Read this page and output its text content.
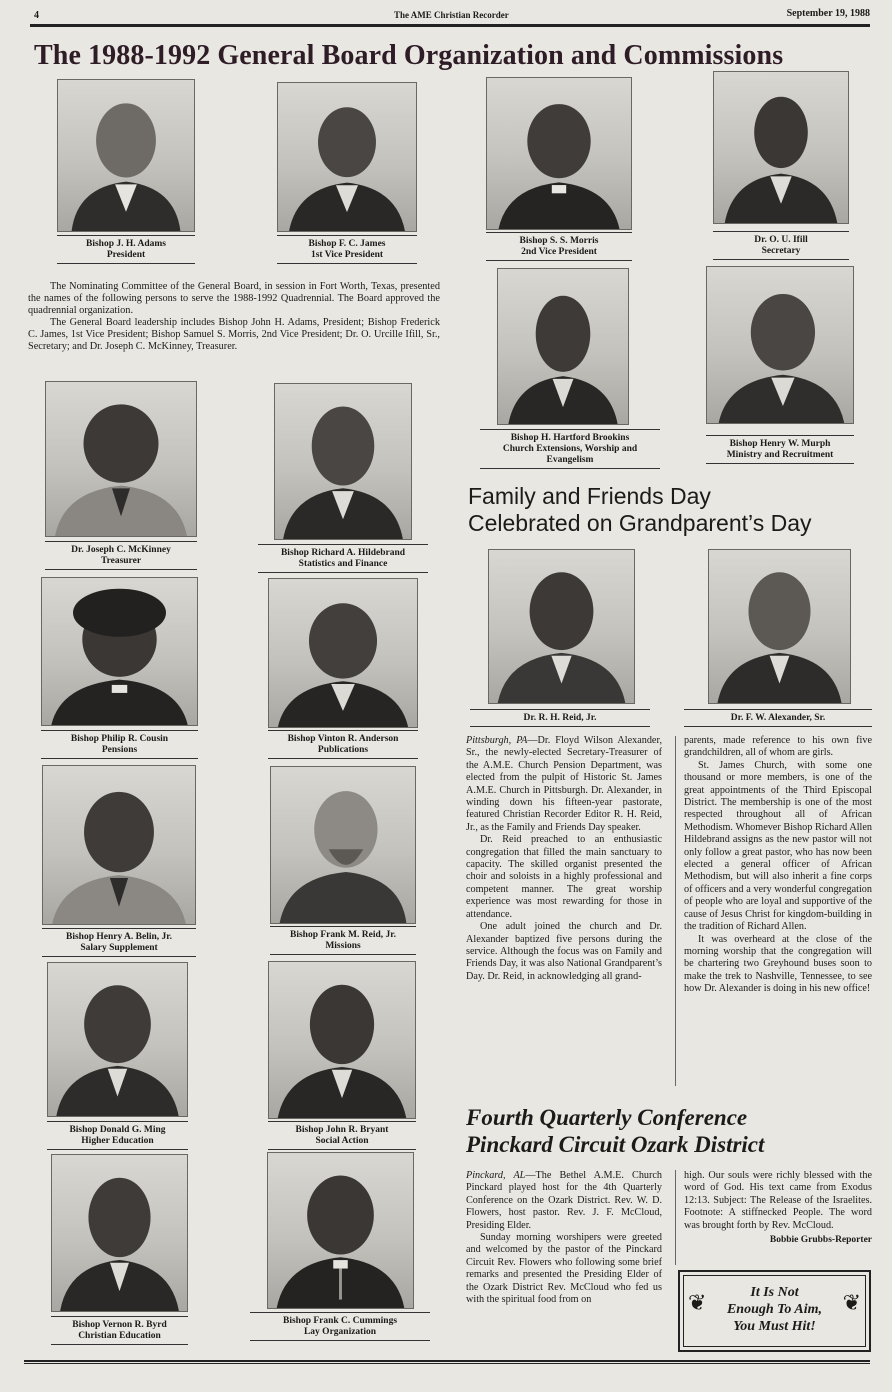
4	The AME Christian Recorder	September 19, 1988
The 1988-1992 General Board Organization and Commissions
Bishop J. H. Adams
President
Bishop F. C. James
1st Vice President
Bishop S. S. Morris
2nd Vice President
Dr. O. U. Ifill
Secretary
Bishop H. Hartford Brookins
Church Extensions, Worship and Evangelism
Bishop Henry W. Murph
Ministry and Recruitment

The Nominating Committee of the General Board, in session in Fort Worth, Texas, presented the names of the following persons to serve the 1988-1992 Quadrennial. The Board approved the quadrennial organization.

The General Board leadership includes Bishop John H. Adams, President; Bishop Frederick C. James, 1st Vice President; Bishop Samuel S. Morris, 2nd Vice President; Dr. O. Urcille Ifill, Sr., Secretary; and Dr. Joseph C. McKinney, Treasurer.

Dr. Joseph C. McKinney
Treasurer
Bishop Richard A. Hildebrand
Statistics and Finance
Family and Friends Day
Celebrated on Grandparent’s Day
Bishop Philip R. Cousin
Pensions
Bishop Vinton R. Anderson
Publications
Dr. R. H. Reid, Jr.	Dr. F. W. Alexander, Sr.

Pittsburgh, PA—Dr. Floyd Wilson Alexander, Sr., the newly-elected Secretary-Treasurer of the A.M.E. Church Pension Department, was elected from the pulpit of Historic St. James A.M.E. Church in Pittsburgh. Dr. Alexander, in winding down his fifteen-year pastorate, featured Christian Recorder Editor R. H. Reid, Jr., as the Family and Friends Day speaker.

Dr. Reid preached to an enthusiastic congregation that filled the main sanctuary to capacity. The skilled organist presented the choir and soloists in a highly professional and competent manner. The great worship experience was most rewarding for those in attendance.

One adult joined the church and Dr. Alexander baptized five persons during the service. Although the focus was on Family and Friends Day, it was also National Grandparent’s Day. Dr. Reid, in acknowledging all grand-

parents, made reference to his own five grandchildren, all of whom are girls.

St. James Church, with some one thousand or more members, is one of the great appointments of the Third Episcopal District. The membership is one of the most respected throughout all of African Methodism. Whomever Bishop Richard Allen Hildebrand assigns as the new pastor will not only follow a great pastor, who has now been elected a general officer of African Methodism, but will also inherit a fine corps of officers and a very wonderful congregation of people who are loyal and supportive of the cause of Jesus Christ for kingdom-building in the tradition of Richard Allen.

It was overheard at the close of the morning worship that the congregation will be chartering two Greyhound buses soon to make the trek to Nashville, Tennessee, to see how Dr. Alexander is doing in his new office!

Bishop Henry A. Belin, Jr.
Salary Supplement
Bishop Frank M. Reid, Jr.
Missions
Bishop Donald G. Ming
Higher Education
Bishop John R. Bryant
Social Action
Fourth Quarterly Conference
Pinckard Circuit Ozark District

Pinckard, AL—The Bethel A.M.E. Church Pinckard played host for the 4th Quarterly Conference on the Ozark District. Rev. W. D. Flowers, host pastor. Rev. J. F. McCloud, Presiding Elder.

Sunday morning worshipers were greeted and welcomed by the pastor of the Pinckard Circuit Rev. Flowers who following some brief remarks and presented the Presiding Elder of the Ozark District Rev. McCloud who fed us with the spiritual food from on

high. Our souls were richly blessed with the word of God. His text came from Exodus 12:13. Subject: The Release of the Israelites. Footnote: A stiffnecked People. The word was brought forth by Rev. McCloud.

Bobbie Grubbs-Reporter
❦	It Is Not
Enough To Aim,
You Must Hit!
❦
Bishop Vernon R. Byrd
Christian Education
Bishop Frank C. Cummings
Lay Organization
